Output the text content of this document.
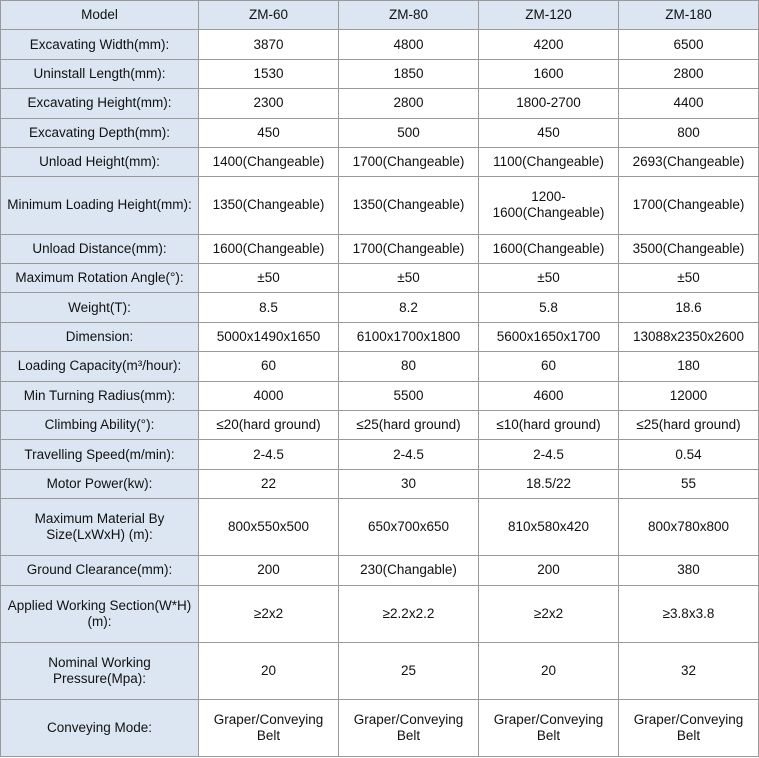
Model	ZM-60	ZM-80	ZM-120	ZM-180
Excavating Width(mm):	3870	4800	4200	6500
Uninstall Length(mm):	1530	1850	1600	2800
Excavating Height(mm):	2300	2800	1800-2700	4400
Excavating Depth(mm):	450	500	450	800
Unload Height(mm):	1400(Changeable)	1700(Changeable)	1100(Changeable)	2693(Changeable)
Minimum Loading Height(mm):	1350(Changeable)	1350(Changeable)	1200-1600(Changeable)	1700(Changeable)
Unload Distance(mm):	1600(Changeable)	1700(Changeable)	1600(Changeable)	3500(Changeable)
Maximum Rotation Angle(°):	±50	±50	±50	±50
Weight(T):	8.5	8.2	5.8	18.6
Dimension:	5000x1490x1650	6100x1700x1800	5600x1650x1700	13088x2350x2600
Loading Capacity(m³/hour):	60	80	60	180
Min Turning Radius(mm):	4000	5500	4600	12000
Climbing Ability(°):	≤20(hard ground)	≤25(hard ground)	≤10(hard ground)	≤25(hard ground)
Travelling Speed(m/min):	2-4.5	2-4.5	2-4.5	0.54
Motor Power(kw):	22	30	18.5/22	55
Maximum Material By Size(LxWxH) (m):	800x550x500	650x700x650	810x580x420	800x780x800
Ground Clearance(mm):	200	230(Changable)	200	380
Applied Working Section(W*H)(m):	≥2x2	≥2.2x2.2	≥2x2	≥3.8x3.8
Nominal Working Pressure(Mpa):	20	25	20	32
Conveying Mode:	Graper/Conveying Belt	Graper/Conveying Belt	Graper/Conveying Belt	Graper/Conveying Belt
